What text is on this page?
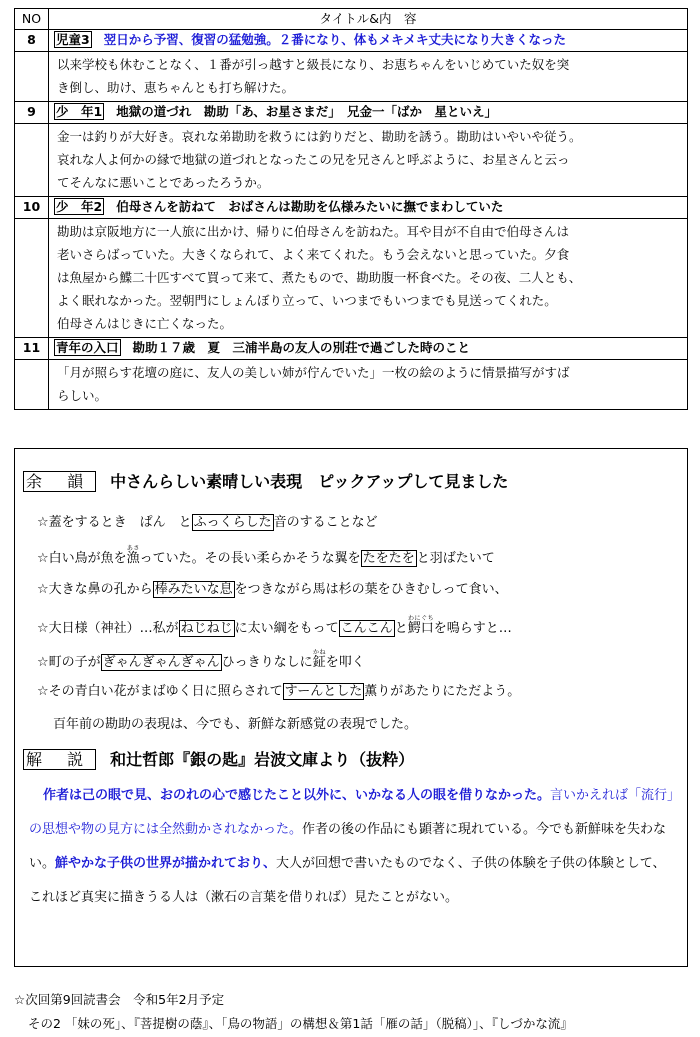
NO	タイトル&内　容
8	児童3 翌日から予習、復習の猛勉強。２番になり、体もメキメキ丈夫になり大きくなった

	以来学校も休むことなく、１番が引っ越すと級長になり、お恵ちゃんをいじめていた奴を突
き倒し、助け、恵ちゃんとも打ち解けた。

9	少　年1 地獄の道づれ　勘助「あ、お星さまだ」　兄金一「ばか　星といえ」

	金一は釣りが大好き。哀れな弟勘助を救うには釣りだと、勘助を誘う。勘助はいやいや従う。
哀れな人よ何かの縁で地獄の道づれとなったこの兄を兄さんと呼ぶように、お星さんと云っ
てそんなに悪いことであったろうか。

10	少　年2 伯母さんを訪ねて　おばさんは勘助を仏様みたいに撫でまわしていた

	勘助は京阪地方に一人旅に出かけ、帰りに伯母さんを訪ねた。耳や目が不自由で伯母さんは
老いさらばっていた。大きくなられて、よく来てくれた。もう会えないと思っていた。夕食
は魚屋から鰈二十匹すべて買って来て、煮たもので、勘助腹一杯食べた。その夜、二人とも、
よく眠れなかった。翌朝門にしょんぼり立って、いつまでもいつまでも見送ってくれた。
伯母さんはじきに亡くなった。

11	青年の入口 勘助１７歳　夏　三浦半島の友人の別荘で過ごした時のこと

	「月が照らす花壇の庭に、友人の美しい姉が佇んでいた」一枚の絵のように情景描写がすば
らしい。
余 韻 中さんらしい素晴しい表現　ピックアップして見ました
☆蓋をするとき　ぱん　と ふっくらした 音のすることなど
☆白い鳥が魚を漁あさっていた。その長い柔らかそうな翼を たをたを と羽ばたいて
☆大きな鼻の孔から 棒みたいな息 をつきながら馬は杉の葉をひきむしって食い、
☆大日様（神社）…私が ねじねじ に太い綱をもって こんこん と鰐口わにぐちを鳴らすと…
☆町の子が ぎゃんぎゃんぎゃん ひっきりなしに鉦かねを叩く
☆その青白い花がまばゆく日に照らされて すーんとした 薫りがあたりにただよう。
百年前の勘助の表現は、今でも、新鮮な新感覚の表現でした。
解 説 和辻哲郎『銀の匙』岩波文庫より（抜粋）
作者は己の眼で見、おのれの心で感じたこと以外に、いかなる人の眼を借りなかった。言いかえれば「流行」の思想や物の見方には全然動かされなかった。作者の後の作品にも顕著に現れている。今でも新鮮味を失わない。鮮やかな子供の世界が描かれており、大人が回想で書いたものでなく、子供の体験を子供の体験として、これほど真実に描きうる人は（漱石の言葉を借りれば）見たことがない。
☆次回第9回読書会　令和5年2月予定
その2 「妹の死」、『菩提樹の蔭』、「鳥の物語」の構想＆第1話「雁の話」（脱稿）」、『しづかな流』
